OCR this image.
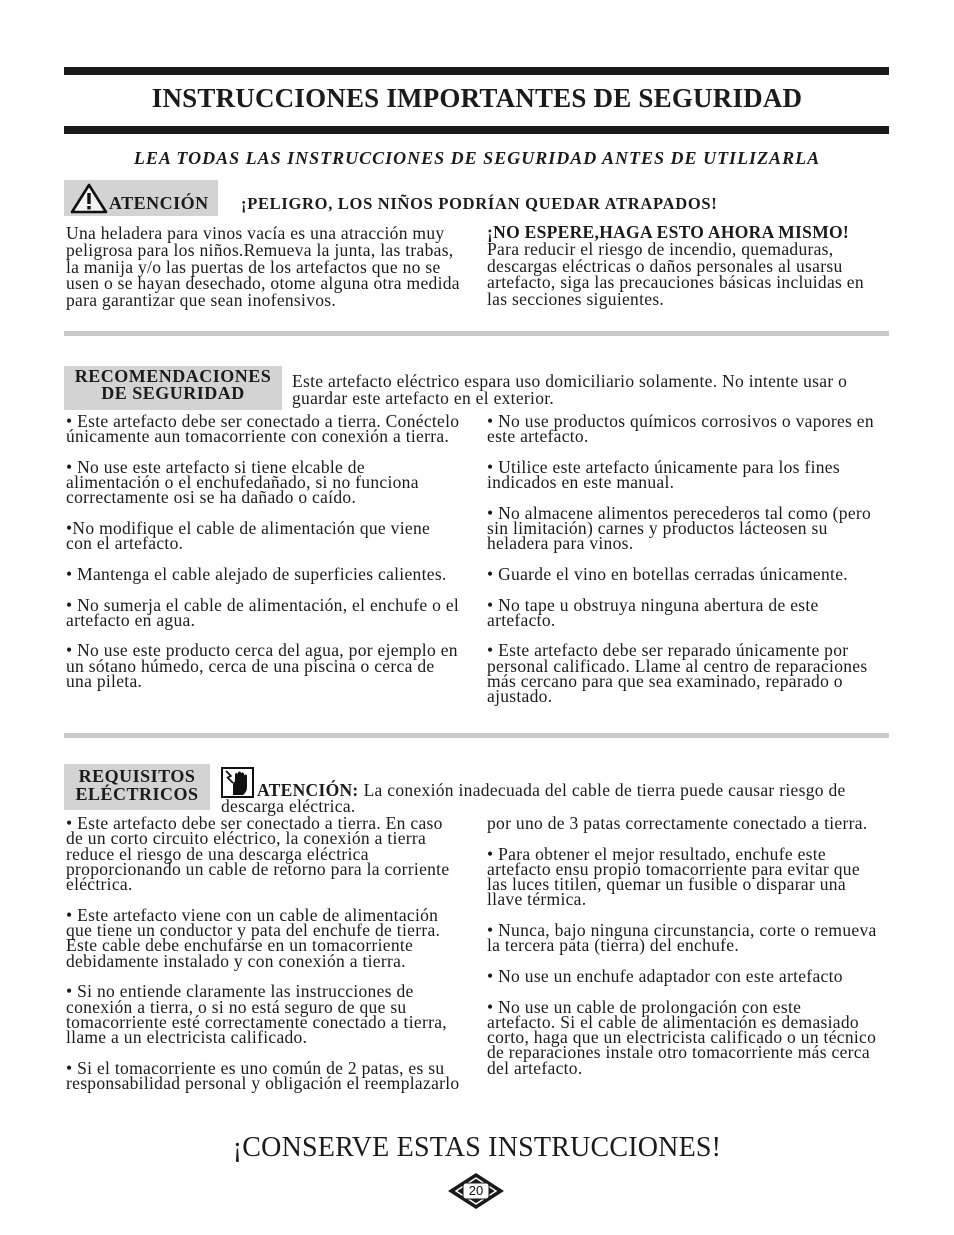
INSTRUCCIONES IMPORTANTES DE SEGURIDAD
LEA TODAS LAS INSTRUCCIONES DE SEGURIDAD ANTES DE UTILIZARLA
ATENCIÓN ¡PELIGRO, LOS NIÑOS PODRÍAN QUEDAR ATRAPADOS!
Una heladera para vinos vacía es una atracción muy
peligrosa para los niños.Remueva la junta, las trabas,
la manija y/o las puertas de los artefactos que no se
usen o se hayan desechado, otome alguna otra medida
para garantizar que sean inofensivos.
¡NO ESPERE,HAGA ESTO AHORA MISMO!
Para reducir el riesgo de incendio, quemaduras,
descargas eléctricas o daños personales al usarsu
artefacto, siga las precauciones básicas incluidas en
las secciones siguientes.
RECOMENDACIONES
DE SEGURIDAD
Este artefacto eléctrico espara uso domiciliario solamente. No intente usar o
guardar este artefacto en el exterior.
• Este artefacto debe ser conectado a tierra. Conéctelo
únicamente aun tomacorriente con conexión a tierra.
• No use este artefacto si tiene elcable de
alimentación o el enchufedañado, si no funciona
correctamente osi se ha dañado o caído.
•No modifique el cable de alimentación que viene
con el artefacto.
• Mantenga el cable alejado de superficies calientes.
• No sumerja el cable de alimentación, el enchufe o el
artefacto en agua.
• No use este producto cerca del agua, por ejemplo en
un sótano húmedo, cerca de una piscina o cerca de
una pileta.
• No use productos químicos corrosivos o vapores en
este artefacto.
• Utilice este artefacto únicamente para los fines
indicados en este manual.
• No almacene alimentos perecederos tal como (pero
sin limitación) carnes y productos lácteosen su
heladera para vinos.
• Guarde el vino en botellas cerradas únicamente.
• No tape u obstruya ninguna abertura de este
artefacto.
• Este artefacto debe ser reparado únicamente por
personal calificado. Llame al centro de reparaciones
más cercano para que sea examinado, reparado o
ajustado.
REQUISITOS
ELÉCTRICOS	ATENCIÓN: La conexión inadecuada del cable de tierra puede causar riesgo de
descarga eléctrica.
• Este artefacto debe ser conectado a tierra. En caso
de un corto circuito eléctrico, la conexión a tierra
reduce el riesgo de una descarga eléctrica
proporcionando un cable de retorno para la corriente
eléctrica.
• Este artefacto viene con un cable de alimentación
que tiene un conductor y pata del enchufe de tierra.
Este cable debe enchufarse en un tomacorriente
debidamente instalado y con conexión a tierra.
• Si no entiende claramente las instrucciones de
conexión a tierra, o si no está seguro de que su
tomacorriente esté correctamente conectado a tierra,
llame a un electricista calificado.
• Si el tomacorriente es uno común de 2 patas, es su
responsabilidad personal y obligación el reemplazarlo
por uno de 3 patas correctamente conectado a tierra.
• Para obtener el mejor resultado, enchufe este
artefacto ensu propio tomacorriente para evitar que
las luces titilen, quemar un fusible o disparar una
llave térmica.
• Nunca, bajo ninguna circunstancia, corte o remueva
la tercera pata (tierra) del enchufe.
• No use un enchufe adaptador con este artefacto
• No use un cable de prolongación con este
artefacto. Si el cable de alimentación es demasiado
corto, haga que un electricista calificado o un técnico
de reparaciones instale otro tomacorriente más cerca
del artefacto.
¡CONSERVE ESTAS INSTRUCCIONES!
20
